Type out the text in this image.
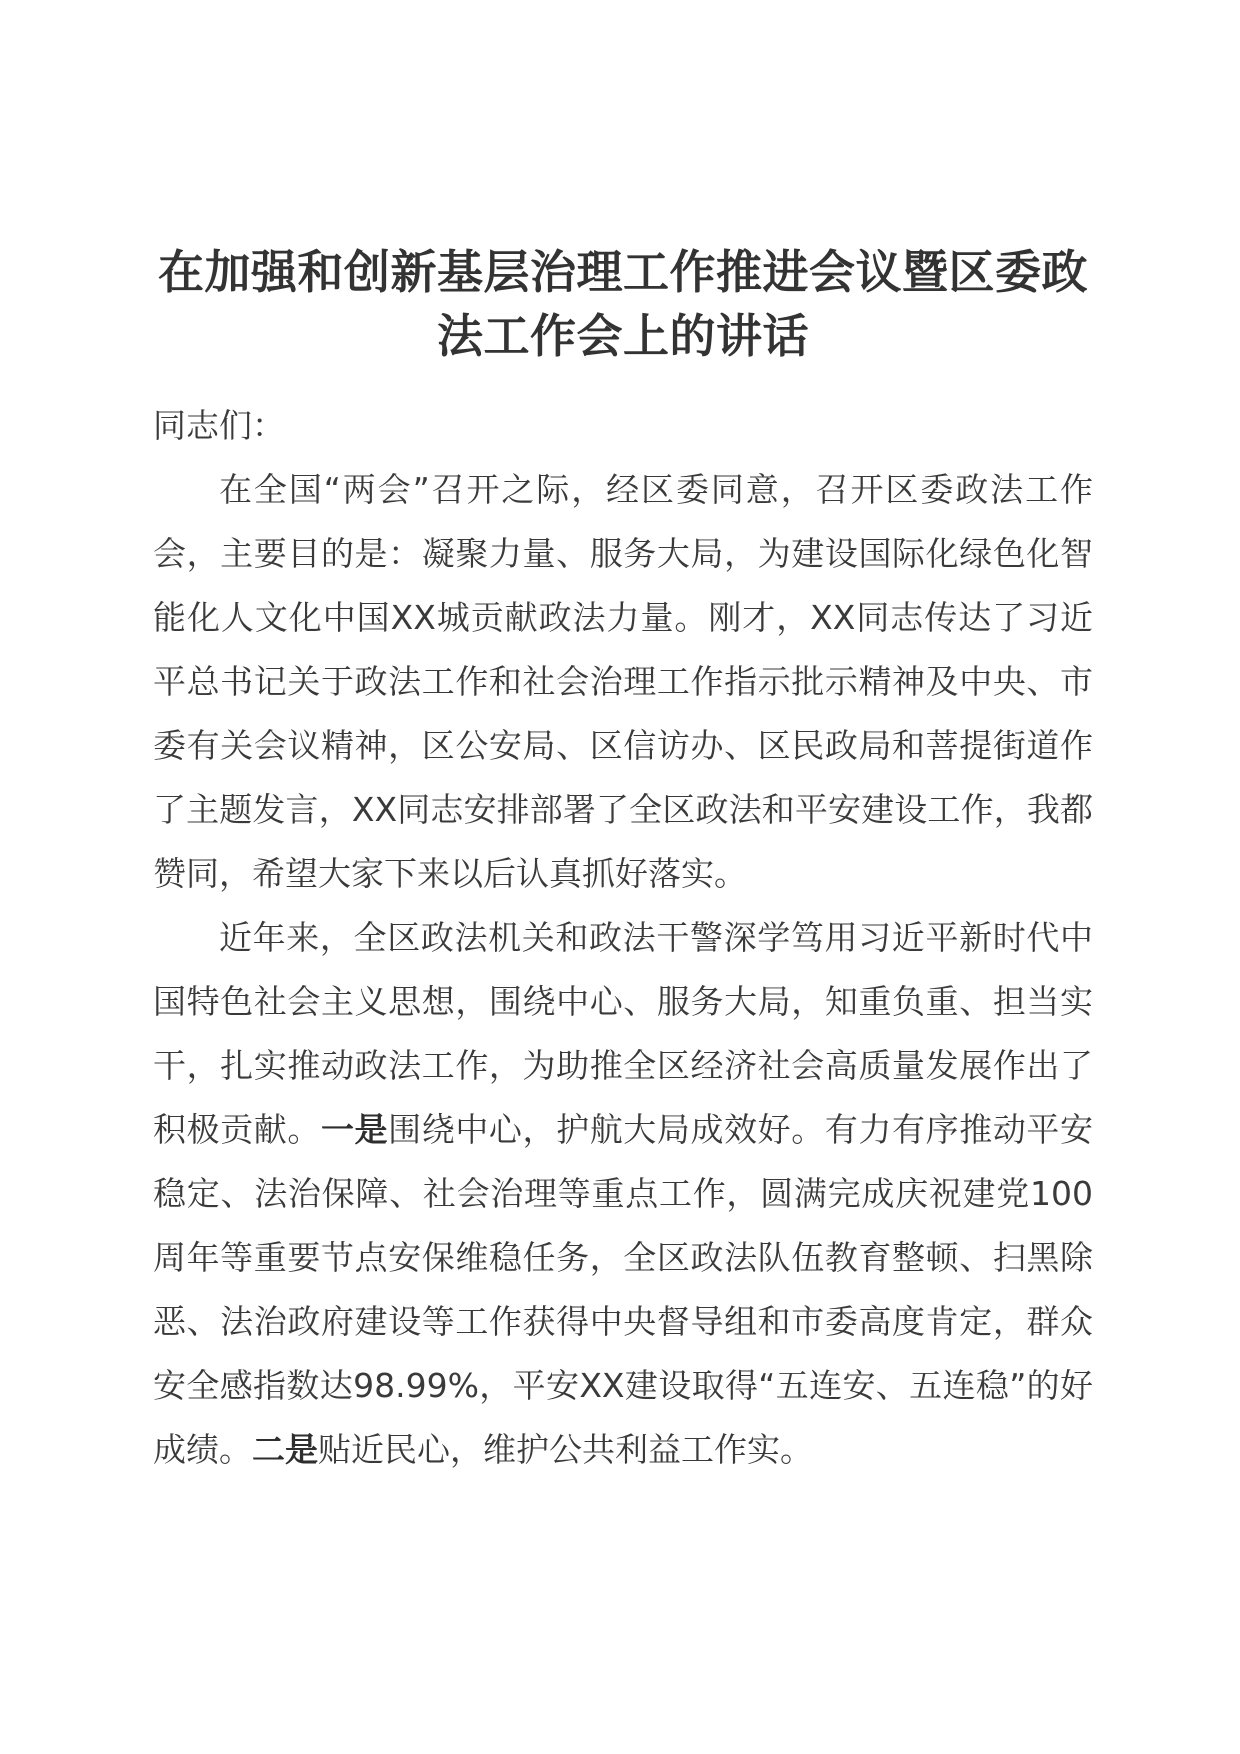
在加强和创新基层治理工作推进会议暨区委政
法工作会上的讲话

同志们：

在全国“两会”召开之际，经区委同意，召开区委政法工作会，主要目的是：凝聚力量、服务大局，为建设国际化绿色化智能化人文化中国XX城贡献政法力量。刚才，XX同志传达了习近平总书记关于政法工作和社会治理工作指示批示精神及中央、市委有关会议精神，区公安局、区信访办、区民政局和菩提街道作了主题发言，XX同志安排部署了全区政法和平安建设工作，我都赞同，希望大家下来以后认真抓好落实。

近年来，全区政法机关和政法干警深学笃用习近平新时代中国特色社会主义思想，围绕中心、服务大局，知重负重、担当实干，扎实推动政法工作，为助推全区经济社会高质量发展作出了积极贡献。一是围绕中心，护航大局成效好。有力有序推动平安稳定、法治保障、社会治理等重点工作，圆满完成庆祝建党100周年等重要节点安保维稳任务，全区政法队伍教育整顿、扫黑除恶、法治政府建设等工作获得中央督导组和市委高度肯定，群众安全感指数达98.99%，平安XX建设取得“五连安、五连稳”的好成绩。二是贴近民心，维护公共利益工作实。
